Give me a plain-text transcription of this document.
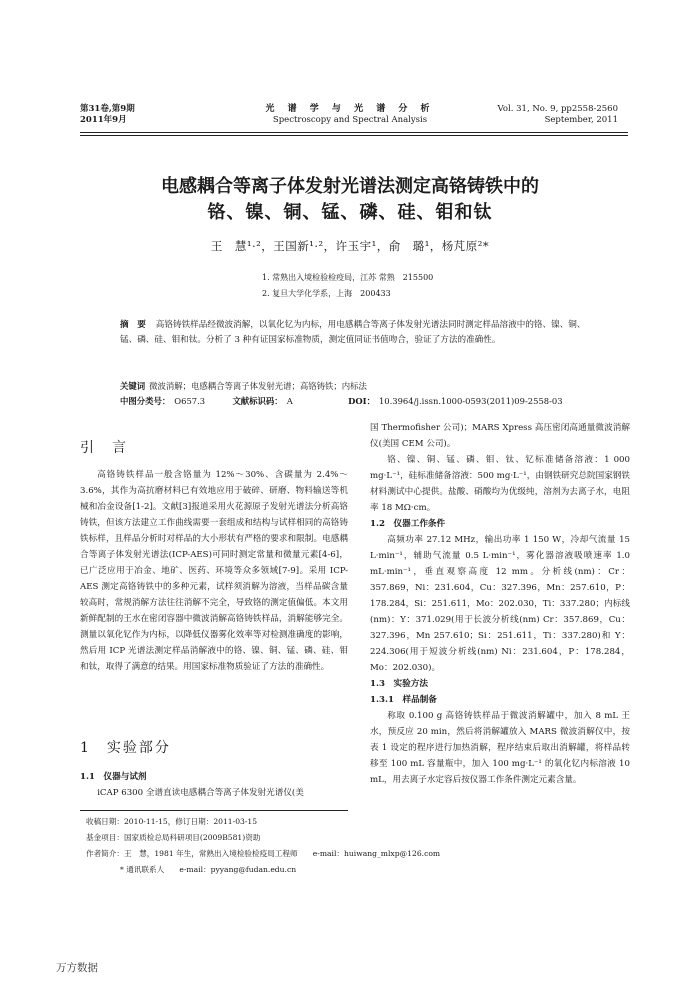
第31卷,第9期
2011年9月
光 谱 学 与 光 谱 分 析
Spectroscopy and Spectral Analysis
Vol. 31, No. 9, pp2558-2560
September, 2011
电感耦合等离子体发射光谱法测定高铬铸铁中的
铬、镍、铜、锰、磷、硅、钼和钛
王　慧¹·²，王国新¹·²，许玉宇¹，俞　璐¹，杨芃原²*
1. 常熟出入境检验检疫局，江苏 常熟　215500
2. 复旦大学化学系，上海　200433
摘　要 高铬铸铁样品经微波消解，以氧化钇为内标，用电感耦合等离子体发射光谱法同时测定样品溶液中的铬、镍、铜、锰、磷、硅、钼和钛。分析了 3 种有证国家标准物质，测定值同证书值吻合，验证了方法的准确性。
关键词 微波消解；电感耦合等离子体发射光谱；高铬铸铁；内标法
中图分类号： O657.3	文献标识码： A	DOI： 10.3964/j.issn.1000-0593(2011)09-2558-03
引　言

高铬铸铁样品一般含铬量为 12%～30%、含碳量为 2.4%～3.6%，其作为高抗磨材料已有效地应用于破碎、研磨、物料输送等机械和冶金设备[1-2]。文献[3]报道采用火花源原子发射光谱法分析高铬铸铁，但该方法建立工作曲线需要一套组成和结构与试样相同的高铬铸铁标样，且样品分析时对样品的大小形状有严格的要求和限制。电感耦合等离子体发射光谱法(ICP-AES)可同时测定常量和微量元素[4-6]，已广泛应用于冶金、地矿、医药、环境等众多领域[7-9]。采用 ICP-AES 测定高铬铸铁中的多种元素，试样须消解为溶液，当样品碳含量较高时，常规消解方法往往消解不完全，导致铬的测定值偏低。本文用新鲜配制的王水在密闭容器中微波消解高铬铸铁样品，消解能够完全。测量以氧化钇作为内标，以降低仪器雾化效率等对检测准确度的影响，然后用 ICP 光谱法测定样品消解液中的铬、镍、铜、锰、磷、硅、钼和钛，取得了满意的结果。用国家标准物质验证了方法的准确性。

1　实验部分
1.1　仪器与试剂

iCAP 6300 全谱直读电感耦合等离子体发射光谱仪(美

国 Thermofisher 公司)；MARS Xpress 高压密闭高通量微波消解仪(美国 CEM 公司)。

铬、镍、铜、锰、磷、钼、钛、钇标准储备溶液：1 000 mg·L⁻¹，硅标准储备溶液：500 mg·L⁻¹，由钢铁研究总院国家钢铁材料测试中心提供。盐酸、硝酸均为优级纯，溶剂为去离子水，电阻率 18 MΩ·cm。

1.2　仪器工作条件

高频功率 27.12 MHz，输出功率 1 150 W，冷却气流量 15 L·min⁻¹，辅助气流量 0.5 L·min⁻¹，雾化器溶液吸喷速率 1.0 mL·min⁻¹，垂直观察高度 12 mm。分析线(nm)：Cr：357.869，Ni：231.604，Cu：327.396，Mn：257.610，P：178.284，Si：251.611，Mo：202.030，Ti：337.280；内标线(nm)：Y：371.029(用于长波分析线(nm) Cr：357.869，Cu：327.396，Mn 257.610；Si：251.611，Ti：337.280)和 Y：224.306(用于短波分析线(nm) Ni：231.604，P：178.284，Mo：202.030)。

1.3　实验方法

1.3.1　样品制备

称取 0.100 g 高铬铸铁样品于微波消解罐中，加入 8 mL 王水，预反应 20 min，然后将消解罐放入 MARS 微波消解仪中，按表 1 设定的程序进行加热消解，程序结束后取出消解罐，将样品转移至 100 mL 容量瓶中，加入 100 mg·L⁻¹ 的氧化钇内标溶液 10 mL，用去离子水定容后按仪器工作条件测定元素含量。

收稿日期：2010-11-15，修订日期：2011-03-15
基金项目：国家质检总局科研项目(2009B581)资助
作者简介：王　慧，1981 年生，常熟出入境检验检疫局工程师　　e-mail：huiwang_mlxp@126.com
* 通讯联系人　　e-mail：pyyang@fudan.edu.cn
万方数据
